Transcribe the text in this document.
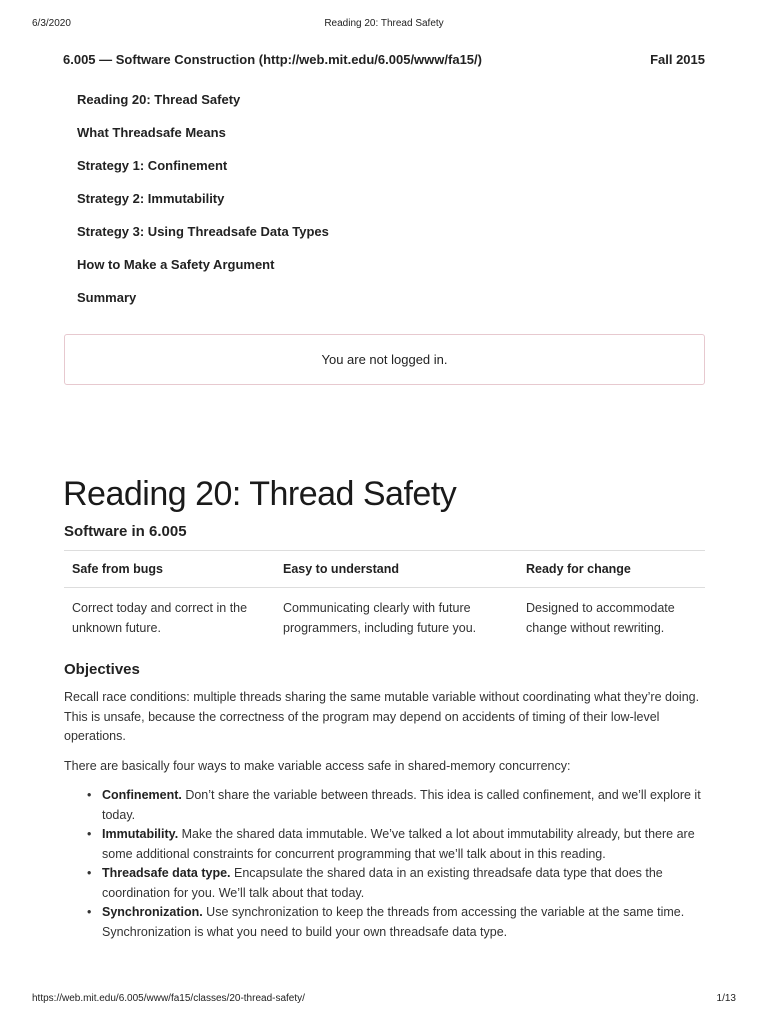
6/3/2020	Reading 20: Thread Safety
6.005 — Software Construction (http://web.mit.edu/6.005/www/fa15/)	Fall 2015
Reading 20: Thread Safety
What Threadsafe Means
Strategy 1: Confinement
Strategy 2: Immutability
Strategy 3: Using Threadsafe Data Types
How to Make a Safety Argument
Summary
You are not logged in.
Reading 20: Thread Safety
Software in 6.005
Safe from bugs	Easy to understand	Ready for change
Correct today and correct in the unknown future.	Communicating clearly with future programmers, including future you.	Designed to accommodate change without rewriting.
Objectives

Recall race conditions: multiple threads sharing the same mutable variable without coordinating what they’re doing. This is unsafe, because the correctness of the program may depend on accidents of timing of their low-level operations.

There are basically four ways to make variable access safe in shared-memory concurrency:

• Confinement. Don’t share the variable between threads. This idea is called confinement, and we’ll explore it today.
• Immutability. Make the shared data immutable. We’ve talked a lot about immutability already, but there are some additional constraints for concurrent programming that we’ll talk about in this reading.
• Threadsafe data type. Encapsulate the shared data in an existing threadsafe data type that does the coordination for you. We’ll talk about that today.
• Synchronization. Use synchronization to keep the threads from accessing the variable at the same time. Synchronization is what you need to build your own threadsafe data type.
https://web.mit.edu/6.005/www/fa15/classes/20-thread-safety/	1/13
